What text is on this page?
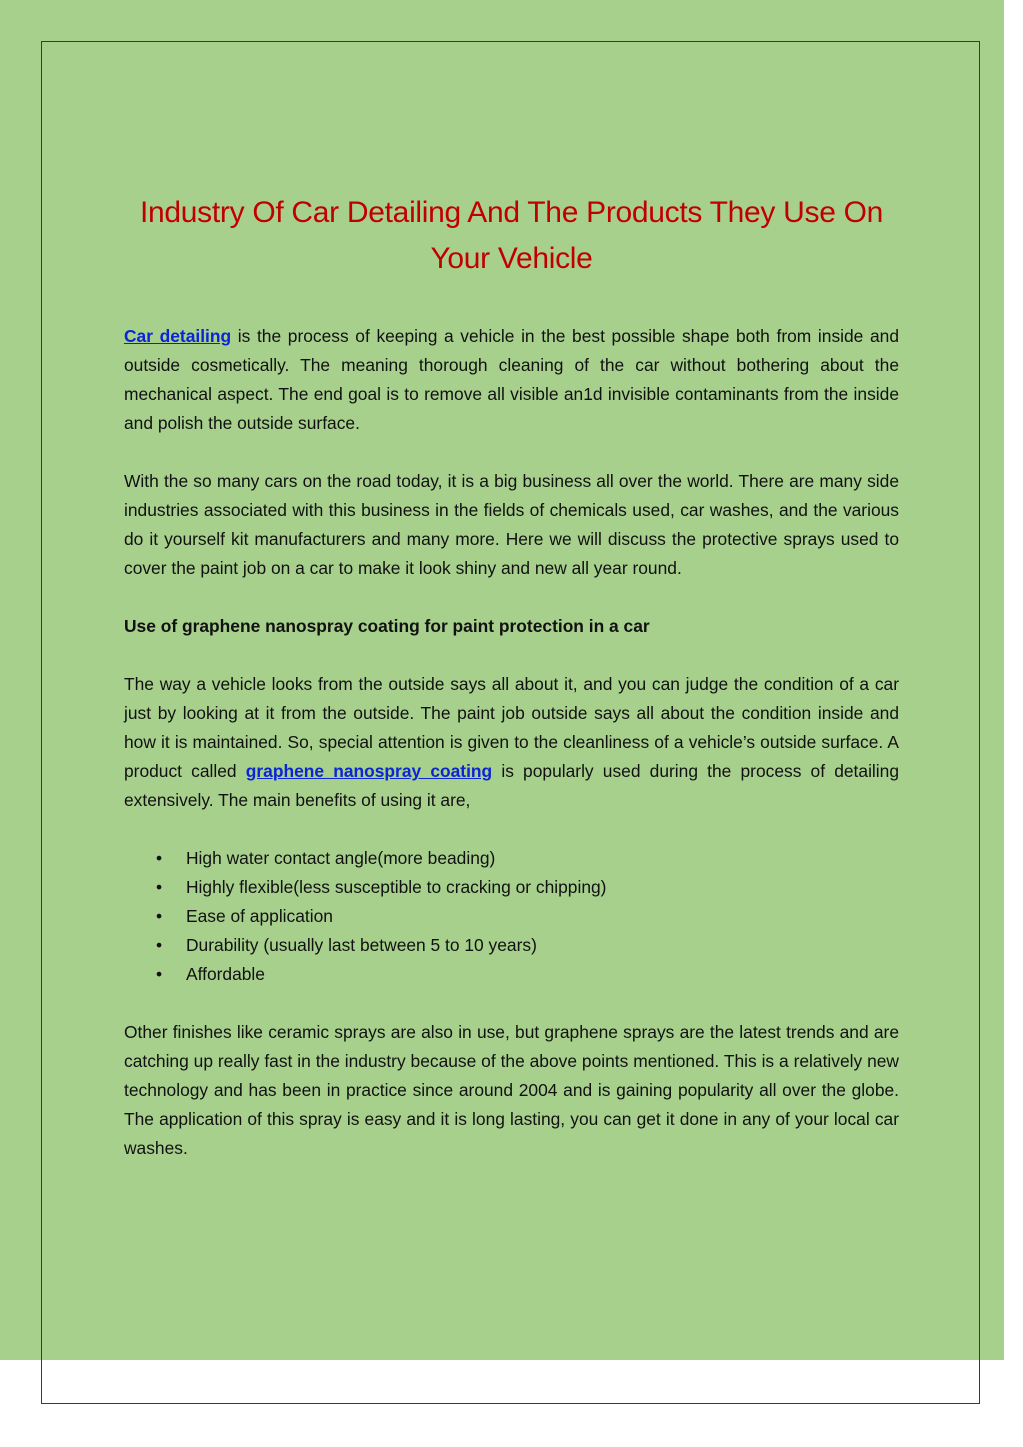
Industry Of Car Detailing And The Products They Use On Your Vehicle

Car detailing is the process of keeping a vehicle in the best possible shape both from inside and outside cosmetically. The meaning thorough cleaning of the car without bothering about the mechanical aspect. The end goal is to remove all visible an1d invisible contaminants from the inside and polish the outside surface.

With the so many cars on the road today, it is a big business all over the world. There are many side industries associated with this business in the fields of chemicals used, car washes, and the various do it yourself kit manufacturers and many more. Here we will discuss the protective sprays used to cover the paint job on a car to make it look shiny and new all year round.

Use of graphene nanospray coating for paint protection in a car

The way a vehicle looks from the outside says all about it, and you can judge the condition of a car just by looking at it from the outside. The paint job outside says all about the condition inside and how it is maintained. So, special attention is given to the cleanliness of a vehicle’s outside surface. A product called graphene nanospray coating is popularly used during the process of detailing extensively. The main benefits of using it are,

• High water contact angle(more beading)
• Highly flexible(less susceptible to cracking or chipping)
• Ease of application
• Durability (usually last between 5 to 10 years)
• Affordable

Other finishes like ceramic sprays are also in use, but graphene sprays are the latest trends and are catching up really fast in the industry because of the above points mentioned. This is a relatively new technology and has been in practice since around 2004 and is gaining popularity all over the globe. The application of this spray is easy and it is long lasting, you can get it done in any of your local car washes.
